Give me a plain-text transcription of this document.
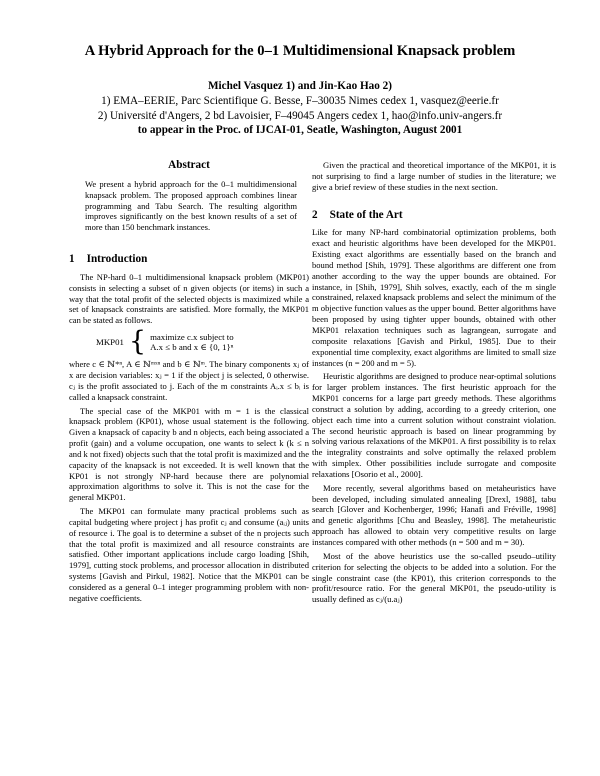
A Hybrid Approach for the 0–1 Multidimensional Knapsack problem
Michel Vasquez 1) and Jin-Kao Hao 2)
1) EMA–EERIE, Parc Scientifique G. Besse, F–30035 Nimes cedex 1, vasquez@eerie.fr
2) Université d'Angers, 2 bd Lavoisier, F–49045 Angers cedex 1, hao@info.univ-angers.fr
to appear in the Proc. of IJCAI-01, Seatle, Washington, August 2001
Abstract

We present a hybrid approach for the 0–1 multidimensional knapsack problem. The proposed approach combines linear programming and Tabu Search. The resulting algorithm improves significantly on the best known results of a set of more than 150 benchmark instances.

1 Introduction

The NP-hard 0–1 multidimensional knapsack problem (MKP01) consists in selecting a subset of n given objects (or items) in such a way that the total profit of the selected objects is maximized while a set of knapsack constraints are satisfied. More formally, the MKP01 can be stated as follows.

MKP01 { maximize c.x subject to
A.x ≤ b and x ∈ {0, 1}ⁿ

where c ∈ ℕ*ⁿ, A ∈ ℕᵐˣⁿ and b ∈ ℕᵐ. The binary components xⱼ of x are decision variables: xⱼ = 1 if the object j is selected, 0 otherwise. cⱼ is the profit associated to j. Each of the m constraints Aᵢ.x ≤ bᵢ is called a knapsack constraint.

The special case of the MKP01 with m = 1 is the classical knapsack problem (KP01), whose usual statement is the following. Given a knapsack of capacity b and n objects, each being associated a profit (gain) and a volume occupation, one wants to select k (k ≤ n and k not fixed) objects such that the total profit is maximized and the capacity of the knapsack is not exceeded. It is well known that the KP01 is not strongly NP-hard because there are polynomial approximation algorithms to solve it. This is not the case for the general MKP01.

The MKP01 can formulate many practical problems such as capital budgeting where project j has profit cⱼ and consume (aᵢⱼ) units of resource i. The goal is to determine a subset of the n projects such that the total profit is maximized and all resource constraints are satisfied. Other important applications include cargo loading [Shih, 1979], cutting stock problems, and processor allocation in distributed systems [Gavish and Pirkul, 1982]. Notice that the MKP01 can be considered as a general 0–1 integer programming problem with non-negative coefficients.

Given the practical and theoretical importance of the MKP01, it is not surprising to find a large number of studies in the literature; we give a brief review of these studies in the next section.

2 State of the Art

Like for many NP-hard combinatorial optimization problems, both exact and heuristic algorithms have been developed for the MKP01. Existing exact algorithms are essentially based on the branch and bound method [Shih, 1979]. These algorithms are different one from another according to the way the upper bounds are obtained. For instance, in [Shih, 1979], Shih solves, exactly, each of the m single constrained, relaxed knapsack problems and select the minimum of the m objective function values as the upper bound. Better algorithms have been proposed by using tighter upper bounds, obtained with other MKP01 relaxation techniques such as lagrangean, surrogate and composite relaxations [Gavish and Pirkul, 1985]. Due to their exponential time complexity, exact algorithms are limited to small size instances (n = 200 and m = 5).

Heuristic algorithms are designed to produce near-optimal solutions for larger problem instances. The first heuristic approach for the MKP01 concerns for a large part greedy methods. These algorithms construct a solution by adding, according to a greedy criterion, one object each time into a current solution without constraint violation. The second heuristic approach is based on linear programming by solving various relaxations of the MKP01. A first possibility is to relax the integrality constraints and solve optimally the relaxed problem with simplex. Other possibilities include surrogate and composite relaxations [Osorio et al., 2000].

More recently, several algorithms based on metaheuristics have been developed, including simulated annealing [Drexl, 1988], tabu search [Glover and Kochenberger, 1996; Hanafi and Fréville, 1998] and genetic algorithms [Chu and Beasley, 1998]. The metaheuristic approach has allowed to obtain very competitive results on large instances compared with other methods (n = 500 and m = 30).

Most of the above heuristics use the so-called pseudo–utility criterion for selecting the objects to be added into a solution. For the single constraint case (the KP01), this criterion corresponds to the profit/resource ratio. For the general MKP01, the pseudo-utility is usually defined as cⱼ/(u.aⱼ)
